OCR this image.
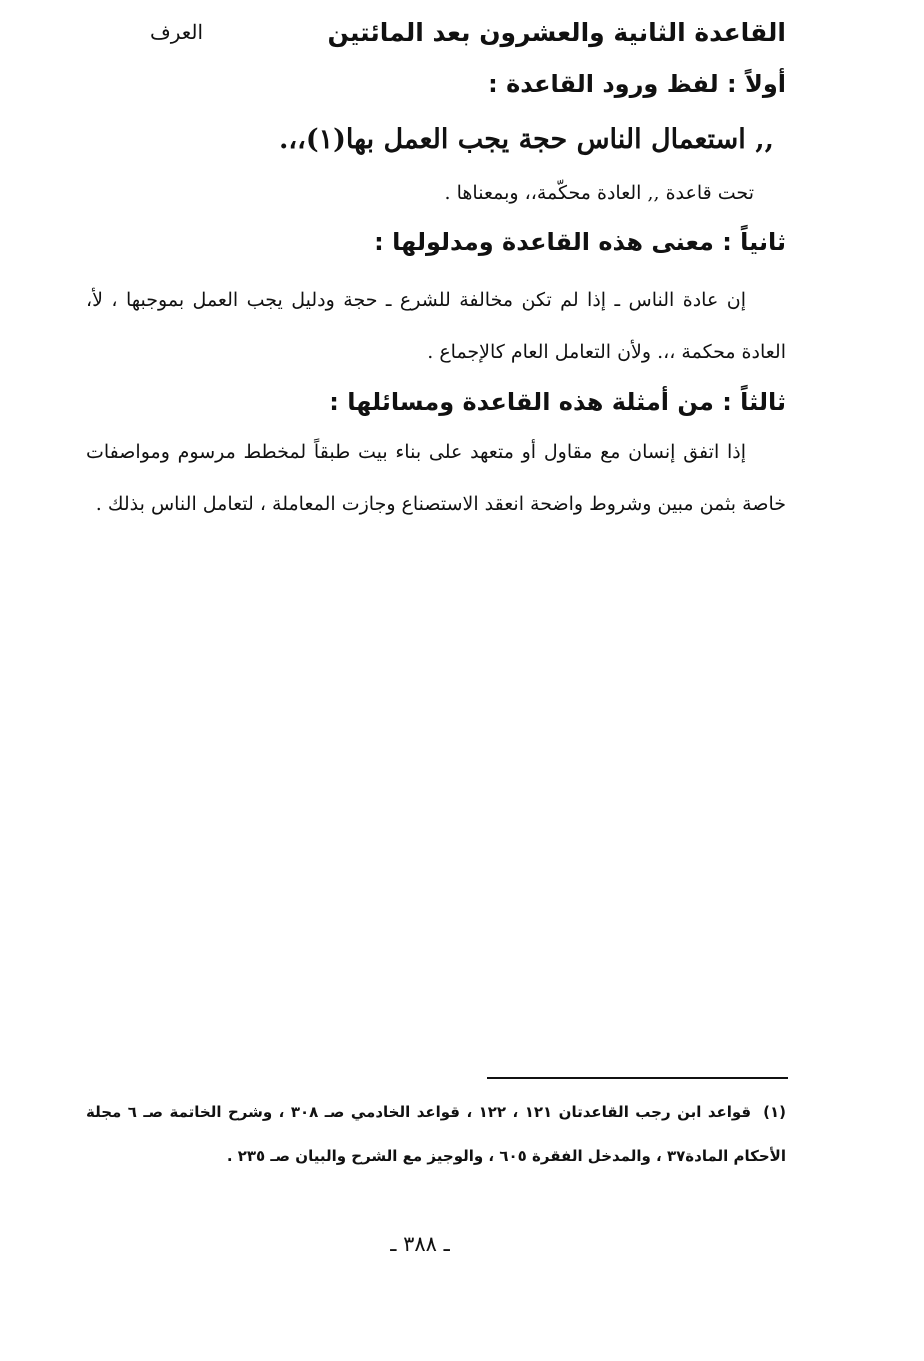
القاعدة الثانية والعشرون بعد المائتين
العرف
أولاً : لفظ ورود القاعدة :
,, استعمال الناس حجة يجب العمل بها(١)،،.
تحت قاعدة ,, العادة محكّمة،، وبمعناها .
ثانياً : معنى هذه القاعدة ومدلولها :

إن عادة الناس ـ إذا لم تكن مخالفة للشرع ـ حجة ودليل يجب العمل بموجبها ، لأ، العادة محكمة ،،. ولأن التعامل العام كالإجماع .

ثالثاً : من أمثلة هذه القاعدة ومسائلها :

إذا اتفق إنسان مع مقاول أو متعهد على بناء بيت طبقاً لمخطط مرسوم ومواصفات خاصة بثمن مبين وشروط واضحة انعقد الاستصناع وجازت المعاملة ، لتعامل الناس بذلك .

(١)قواعد ابن رجب القاعدتان ١٢١ ، ١٢٢ ، قواعد الخادمي صـ ٣٠٨ ، وشرح الخاتمة صـ ٦ مجلة الأحكام المادة٣٧ ، والمدخل الفقرة ٦٠٥ ، والوجيز مع الشرح والبيان صـ ٢٣٥ .
ـ ٣٨٨ ـ
